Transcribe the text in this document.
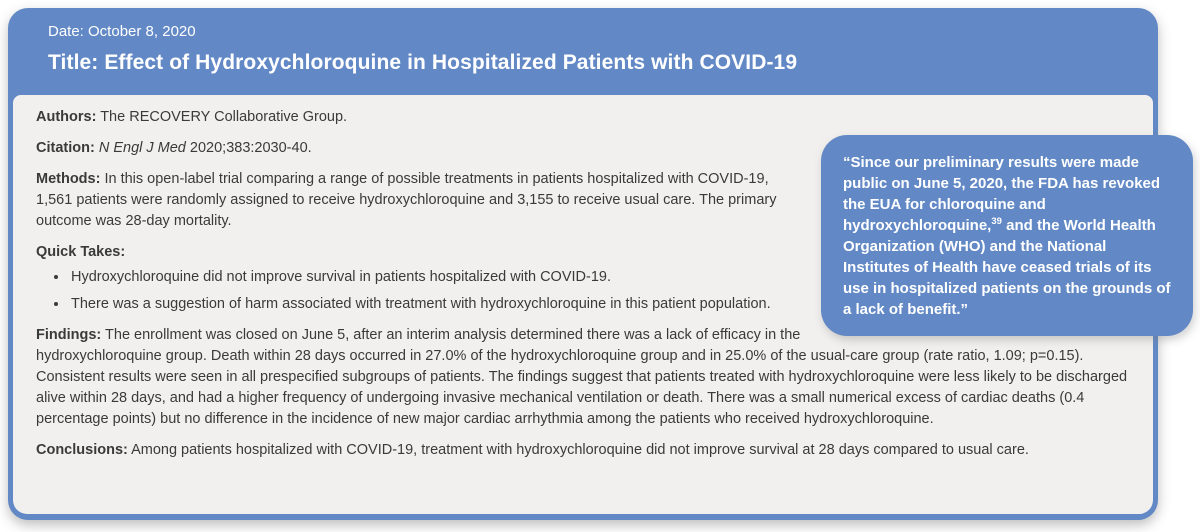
Date: October 8, 2020
Title: Effect of Hydroxychloroquine in Hospitalized Patients with COVID-19

“Since our preliminary results were made public on June 5, 2020, the FDA has revoked the EUA for chloroquine and hydroxychloroquine,$^{39}$ and the World Health Organization (WHO) and the National Institutes of Health have ceased trials of its use in hospitalized patients on the grounds of a lack of benefit.”

Authors: The RECOVERY Collaborative Group.

Citation: N Engl J Med 2020;383:2030-40.

Methods: In this open-label trial comparing a range of possible treatments in patients hospitalized with COVID-19, 1,561 patients were randomly assigned to receive hydroxychloroquine and 3,155 to receive usual care. The primary outcome was 28-day mortality.

Quick Takes:

• Hydroxychloroquine did not improve survival in patients hospitalized with COVID-19.
• There was a suggestion of harm associated with treatment with hydroxychloroquine in this patient population.

Findings: The enrollment was closed on June 5, after an interim analysis determined there was a lack of efficacy in the hydroxychloroquine group. Death within 28 days occurred in 27.0% of the hydroxychloroquine group and in 25.0% of the usual-care group (rate ratio, 1.09; p=0.15). Consistent results were seen in all prespecified subgroups of patients. The findings suggest that patients treated with hydroxychloroquine were less likely to be discharged alive within 28 days, and had a higher frequency of undergoing invasive mechanical ventilation or death. There was a small numerical excess of cardiac deaths (0.4 percentage points) but no difference in the incidence of new major cardiac arrhythmia among the patients who received hydroxychloroquine.

Conclusions: Among patients hospitalized with COVID-19, treatment with hydroxychloroquine did not improve survival at 28 days compared to usual care.
